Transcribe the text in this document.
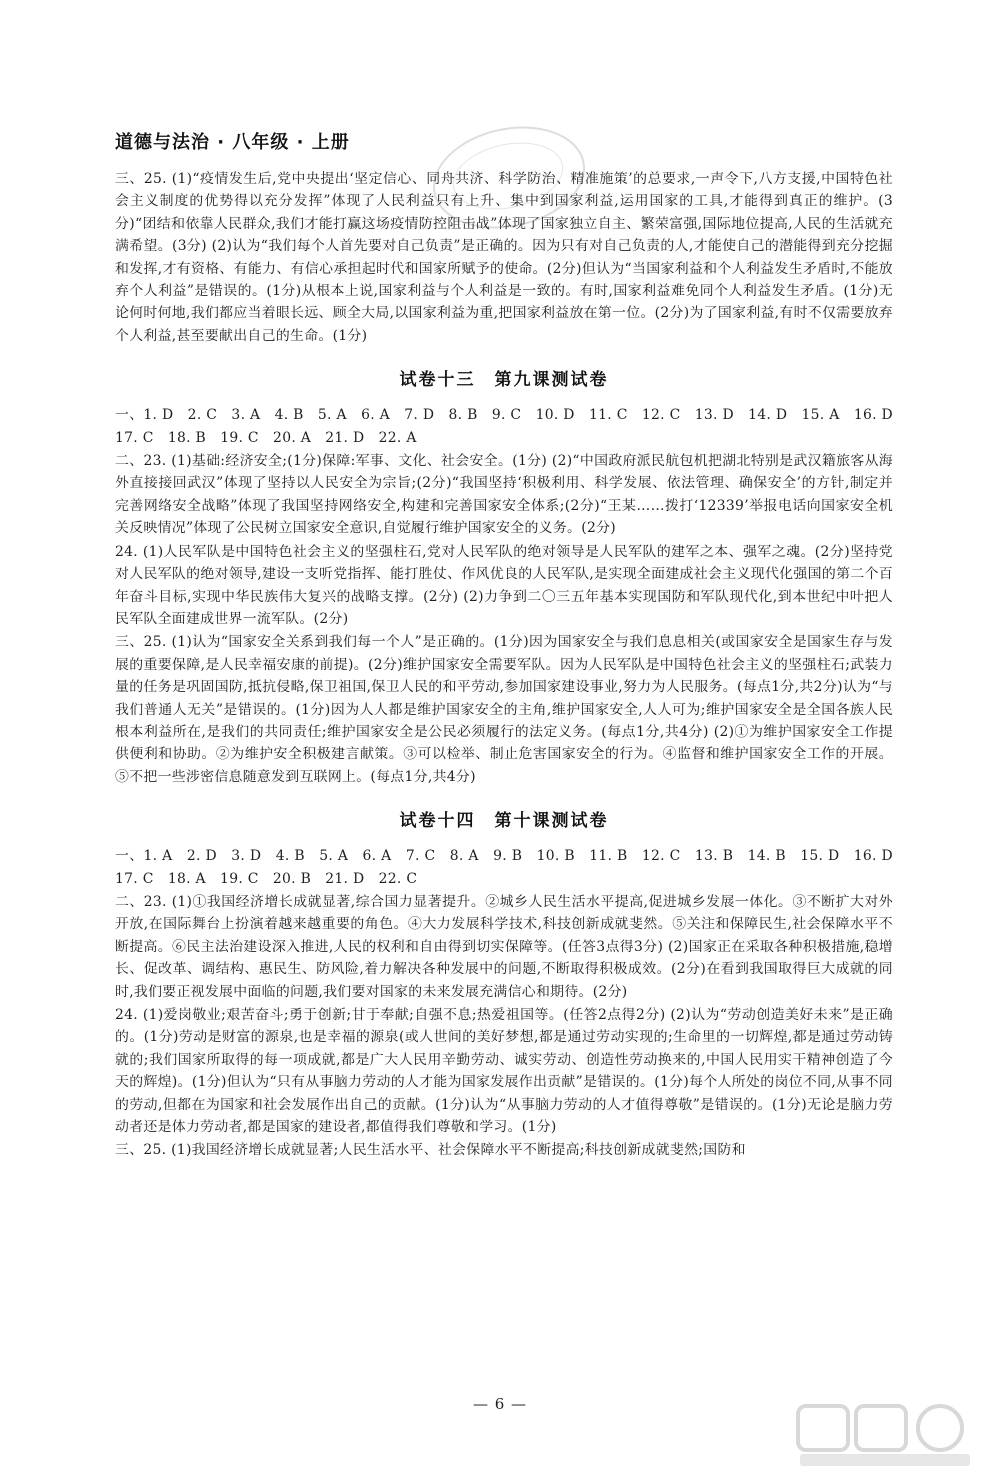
道德与法治 · 八年级 · 上册

三、25. (1)“疫情发生后,党中央提出‘坚定信心、同舟共济、科学防治、精准施策’的总要求,一声令下,八方支援,中国特色社会主义制度的优势得以充分发挥”体现了人民利益只有上升、集中到国家利益,运用国家的工具,才能得到真正的维护。(3分)“团结和依靠人民群众,我们才能打赢这场疫情防控阻击战”体现了国家独立自主、繁荣富强,国际地位提高,人民的生活就充满希望。(3分) (2)认为“我们每个人首先要对自己负责”是正确的。因为只有对自己负责的人,才能使自己的潜能得到充分挖掘和发挥,才有资格、有能力、有信心承担起时代和国家所赋予的使命。(2分)但认为“当国家利益和个人利益发生矛盾时,不能放弃个人利益”是错误的。(1分)从根本上说,国家利益与个人利益是一致的。有时,国家利益难免同个人利益发生矛盾。(1分)无论何时何地,我们都应当着眼长远、顾全大局,以国家利益为重,把国家利益放在第一位。(2分)为了国家利益,有时不仅需要放弃个人利益,甚至要献出自己的生命。(1分)

试卷十三　第九课测试卷

一、1. D　2. C　3. A　4. B　5. A　6. A　7. D　8. B　9. C　10. D　11. C　12. C　13. D　14. D　15. A　16. D　17. C　18. B　19. C　20. A　21. D　22. A

二、23. (1)基础:经济安全;(1分)保障:军事、文化、社会安全。(1分) (2)“中国政府派民航包机把湖北特别是武汉籍旅客从海外直接接回武汉”体现了坚持以人民安全为宗旨;(2分)“我国坚持‘积极利用、科学发展、依法管理、确保安全’的方针,制定并完善网络安全战略”体现了我国坚持网络安全,构建和完善国家安全体系;(2分)“王某……拨打‘12339’举报电话向国家安全机关反映情况”体现了公民树立国家安全意识,自觉履行维护国家安全的义务。(2分)

24. (1)人民军队是中国特色社会主义的坚强柱石,党对人民军队的绝对领导是人民军队的建军之本、强军之魂。(2分)坚持党对人民军队的绝对领导,建设一支听党指挥、能打胜仗、作风优良的人民军队,是实现全面建成社会主义现代化强国的第二个百年奋斗目标,实现中华民族伟大复兴的战略支撑。(2分) (2)力争到二〇三五年基本实现国防和军队现代化,到本世纪中叶把人民军队全面建成世界一流军队。(2分)

三、25. (1)认为“国家安全关系到我们每一个人”是正确的。(1分)因为国家安全与我们息息相关(或国家安全是国家生存与发展的重要保障,是人民幸福安康的前提)。(2分)维护国家安全需要军队。因为人民军队是中国特色社会主义的坚强柱石;武装力量的任务是巩固国防,抵抗侵略,保卫祖国,保卫人民的和平劳动,参加国家建设事业,努力为人民服务。(每点1分,共2分)认为“与我们普通人无关”是错误的。(1分)因为人人都是维护国家安全的主角,维护国家安全,人人可为;维护国家安全是全国各族人民根本利益所在,是我们的共同责任;维护国家安全是公民必须履行的法定义务。(每点1分,共4分) (2)①为维护国家安全工作提供便利和协助。②为维护安全积极建言献策。③可以检举、制止危害国家安全的行为。④监督和维护国家安全工作的开展。⑤不把一些涉密信息随意发到互联网上。(每点1分,共4分)

试卷十四　第十课测试卷

一、1. A　2. D　3. D　4. B　5. A　6. A　7. C　8. A　9. B　10. B　11. B　12. C　13. B　14. B　15. D　16. D　17. C　18. A　19. C　20. B　21. D　22. C

二、23. (1)①我国经济增长成就显著,综合国力显著提升。②城乡人民生活水平提高,促进城乡发展一体化。③不断扩大对外开放,在国际舞台上扮演着越来越重要的角色。④大力发展科学技术,科技创新成就斐然。⑤关注和保障民生,社会保障水平不断提高。⑥民主法治建设深入推进,人民的权利和自由得到切实保障等。(任答3点得3分) (2)国家正在采取各种积极措施,稳增长、促改革、调结构、惠民生、防风险,着力解决各种发展中的问题,不断取得积极成效。(2分)在看到我国取得巨大成就的同时,我们要正视发展中面临的问题,我们要对国家的未来发展充满信心和期待。(2分)

24. (1)爱岗敬业;艰苦奋斗;勇于创新;甘于奉献;自强不息;热爱祖国等。(任答2点得2分) (2)认为“劳动创造美好未来”是正确的。(1分)劳动是财富的源泉,也是幸福的源泉(或人世间的美好梦想,都是通过劳动实现的;生命里的一切辉煌,都是通过劳动铸就的;我们国家所取得的每一项成就,都是广大人民用辛勤劳动、诚实劳动、创造性劳动换来的,中国人民用实干精神创造了今天的辉煌)。(1分)但认为“只有从事脑力劳动的人才能为国家发展作出贡献”是错误的。(1分)每个人所处的岗位不同,从事不同的劳动,但都在为国家和社会发展作出自己的贡献。(1分)认为“从事脑力劳动的人才值得尊敬”是错误的。(1分)无论是脑力劳动者还是体力劳动者,都是国家的建设者,都值得我们尊敬和学习。(1分)

三、25. (1)我国经济增长成就显著;人民生活水平、社会保障水平不断提高;科技创新成就斐然;国防和

— 6 —
